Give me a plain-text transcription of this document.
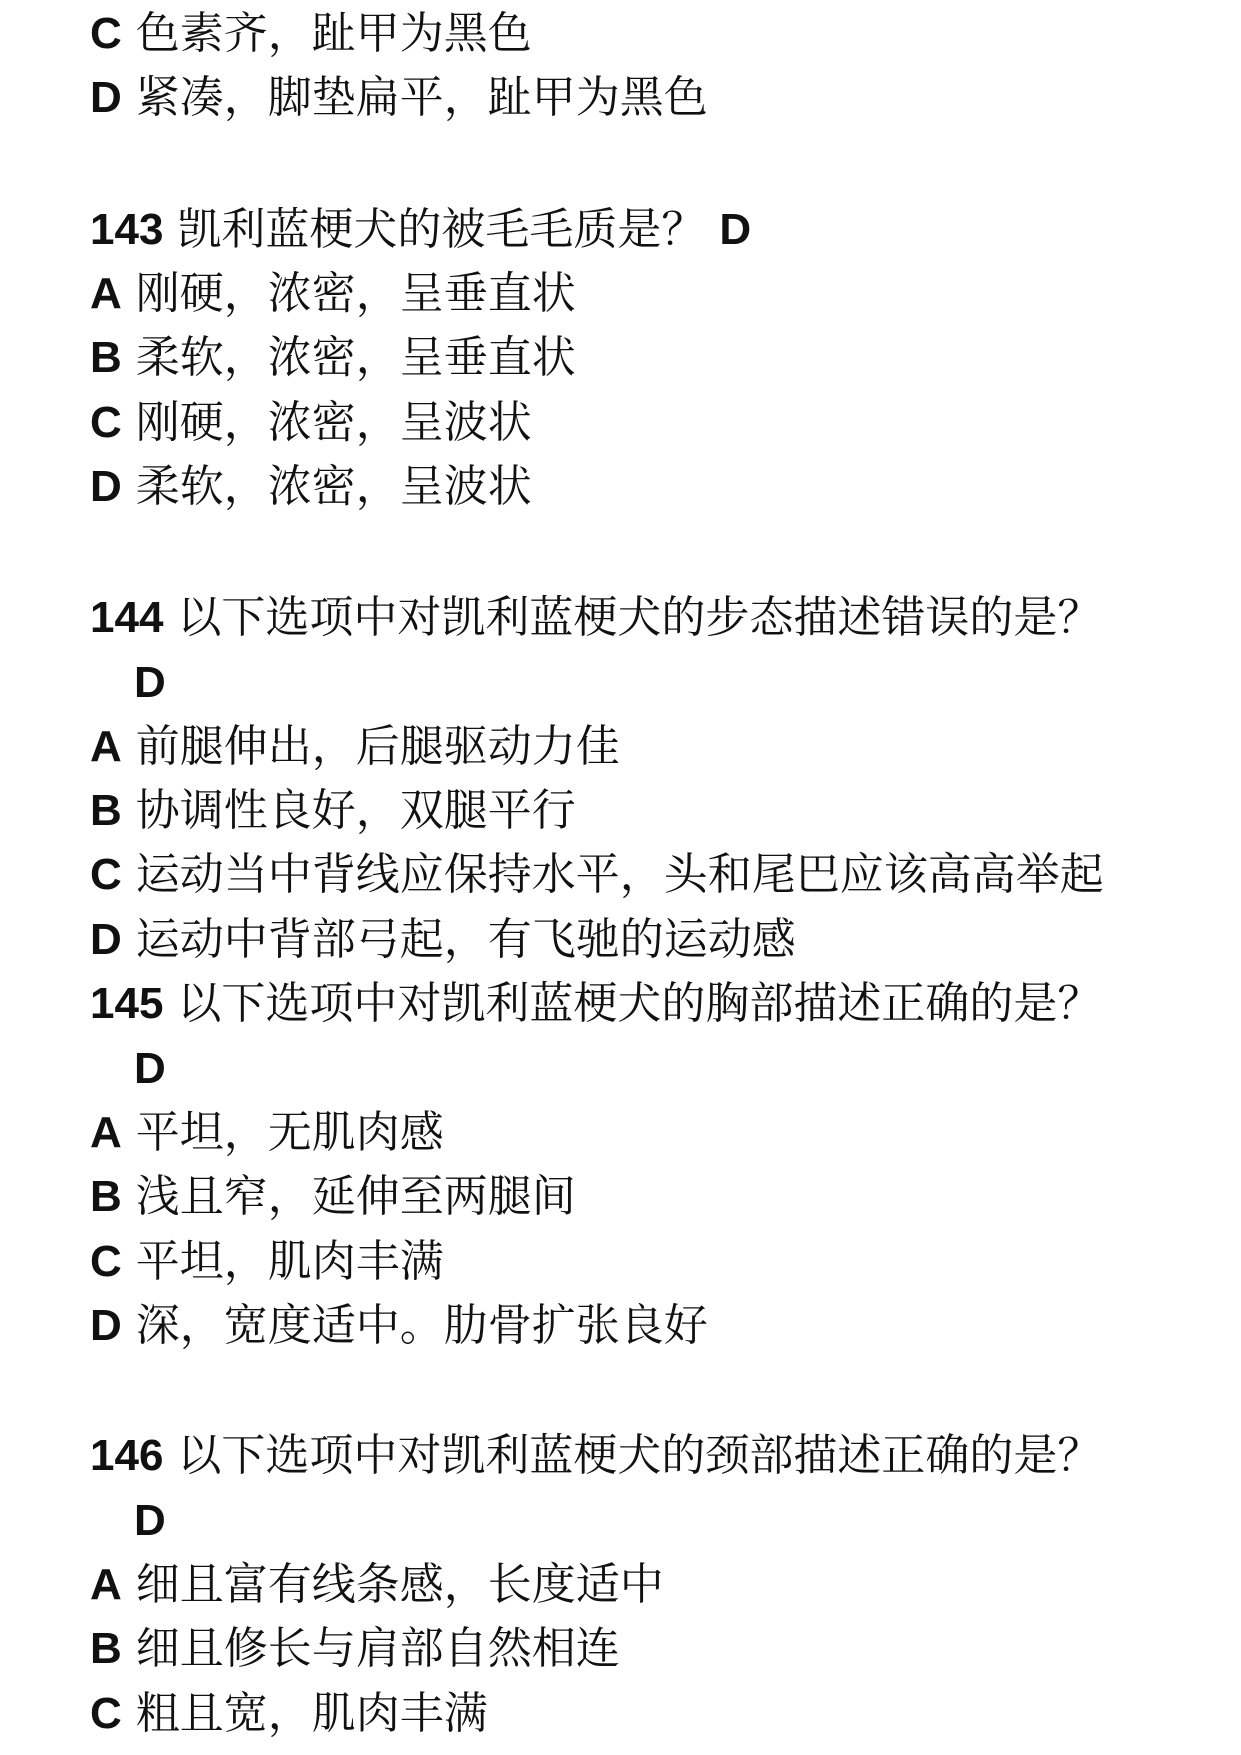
C 色素齐，趾甲为黑色
D 紧凑，脚垫扁平，趾甲为黑色
143 凯利蓝梗犬的被毛毛质是？ D
A 刚硬，浓密，呈垂直状
B 柔软，浓密，呈垂直状
C 刚硬，浓密，呈波状
D 柔软，浓密，呈波状
144 以下选项中对凯利蓝梗犬的步态描述错误的是？
D
A 前腿伸出，后腿驱动力佳
B 协调性良好，双腿平行
C 运动当中背线应保持水平，头和尾巴应该高高举起
D 运动中背部弓起，有飞驰的运动感
145 以下选项中对凯利蓝梗犬的胸部描述正确的是？
D
A 平坦，无肌肉感
B 浅且窄，延伸至两腿间
C 平坦，肌肉丰满
D 深，宽度适中。肋骨扩张良好
146 以下选项中对凯利蓝梗犬的颈部描述正确的是？
D
A 细且富有线条感，长度适中
B 细且修长与肩部自然相连
C 粗且宽，肌肉丰满
